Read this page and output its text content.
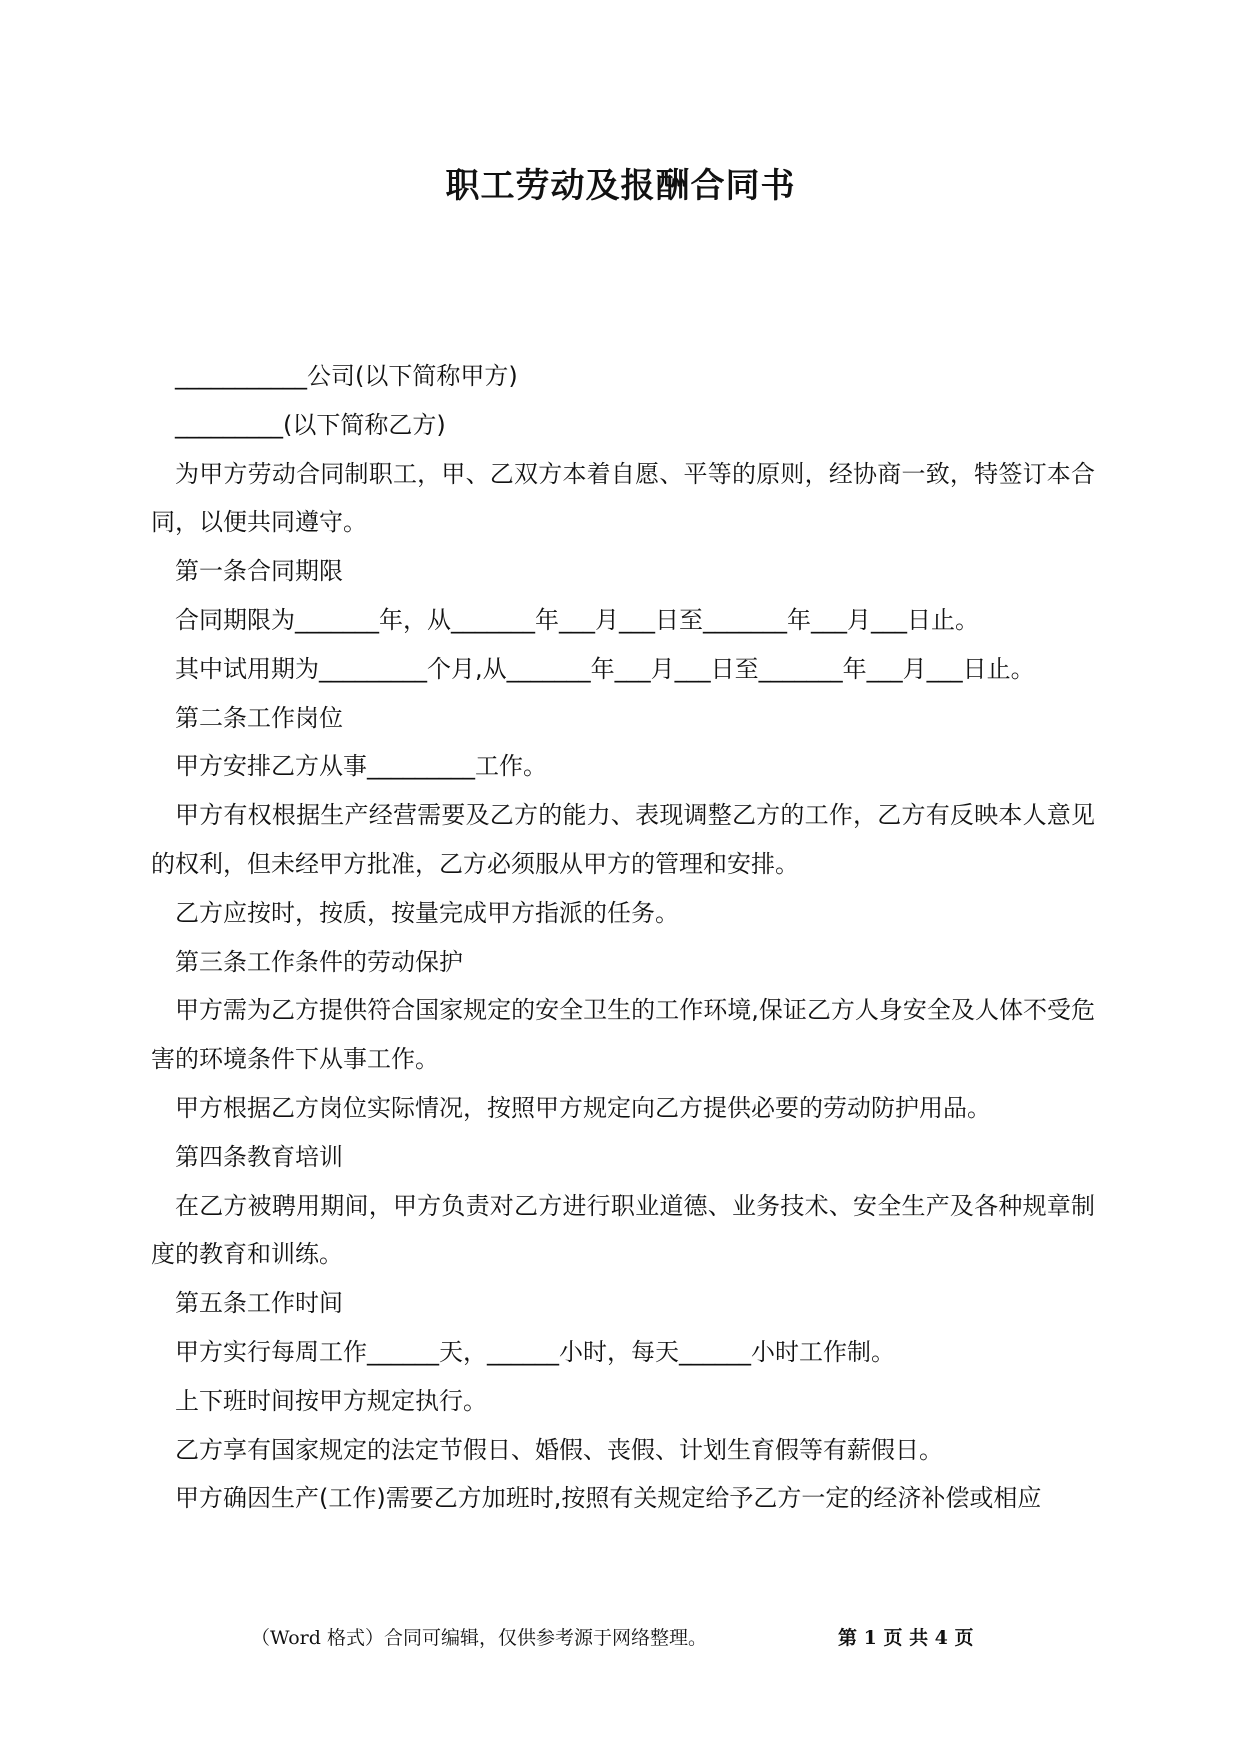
职工劳动及报酬合同书

___________公司(以下简称甲方)

_________(以下简称乙方)

为甲方劳动合同制职工，甲、乙双方本着自愿、平等的原则，经协商一致，特签订本合同，以便共同遵守。

第一条合同期限

合同期限为_______年，从_______年___月___日至_______年___月___日止。

其中试用期为_________个月,从_______年___月___日至_______年___月___日止。

第二条工作岗位

甲方安排乙方从事_________工作。

甲方有权根据生产经营需要及乙方的能力、表现调整乙方的工作，乙方有反映本人意见的权利，但未经甲方批准，乙方必须服从甲方的管理和安排。

乙方应按时，按质，按量完成甲方指派的任务。

第三条工作条件的劳动保护

甲方需为乙方提供符合国家规定的安全卫生的工作环境,保证乙方人身安全及人体不受危害的环境条件下从事工作。

甲方根据乙方岗位实际情况，按照甲方规定向乙方提供必要的劳动防护用品。

第四条教育培训

在乙方被聘用期间，甲方负责对乙方进行职业道德、业务技术、安全生产及各种规章制度的教育和训练。

第五条工作时间

甲方实行每周工作______天，______小时，每天______小时工作制。

上下班时间按甲方规定执行。

乙方享有国家规定的法定节假日、婚假、丧假、计划生育假等有薪假日。

甲方确因生产(工作)需要乙方加班时,按照有关规定给予乙方一定的经济补偿或相应

（Word 格式）合同可编辑，仅供参考源于网络整理。	第 1 页 共 4 页
